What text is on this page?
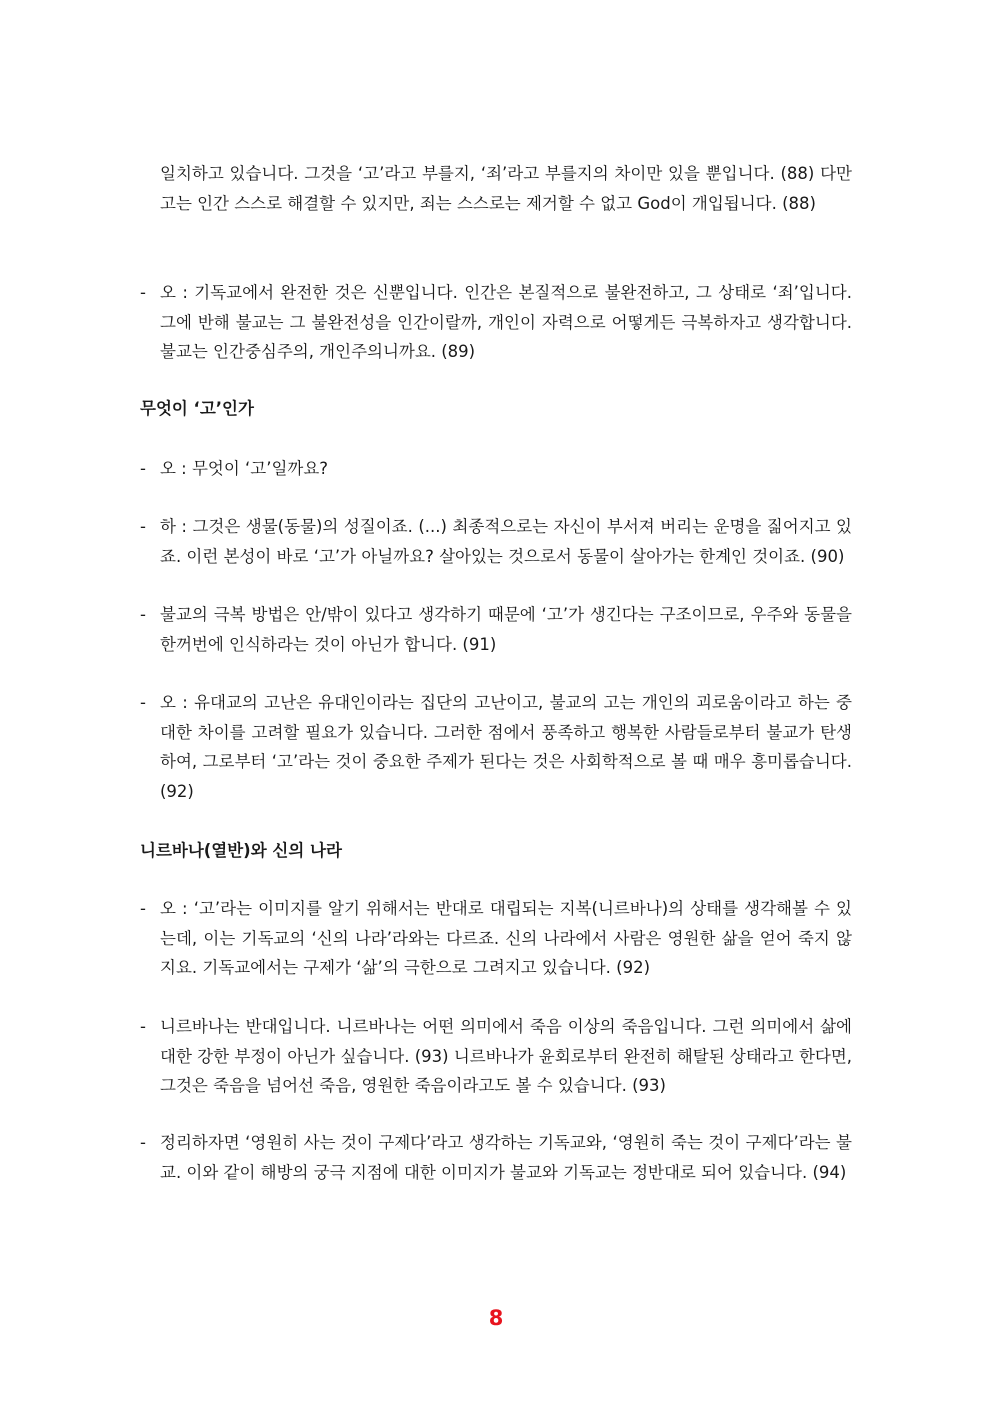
일치하고 있습니다. 그것을 ‘고’라고 부를지, ‘죄’라고 부를지의 차이만 있을 뿐입니다. (88) 다만 고는 인간 스스로 해결할 수 있지만, 죄는 스스로는 제거할 수 없고 God이 개입됩니다. (88)

- 오 : 기독교에서 완전한 것은 신뿐입니다. 인간은 본질적으로 불완전하고, 그 상태로 ‘죄’입니다. 그에 반해 불교는 그 불완전성을 인간이랄까, 개인이 자력으로 어떻게든 극복하자고 생각합니다. 불교는 인간중심주의, 개인주의니까요. (89)
무엇이 ‘고’인가
- 오 : 무엇이 ‘고’일까요?
- 하 : 그것은 생물(동물)의 성질이죠. (...) 최종적으로는 자신이 부서져 버리는 운명을 짊어지고 있죠. 이런 본성이 바로 ‘고’가 아닐까요? 살아있는 것으로서 동물이 살아가는 한계인 것이죠. (90)
- 불교의 극복 방법은 안/밖이 있다고 생각하기 때문에 ‘고’가 생긴다는 구조이므로, 우주와 동물을 한꺼번에 인식하라는 것이 아닌가 합니다. (91)
- 오 : 유대교의 고난은 유대인이라는 집단의 고난이고, 불교의 고는 개인의 괴로움이라고 하는 중대한 차이를 고려할 필요가 있습니다. 그러한 점에서 풍족하고 행복한 사람들로부터 불교가 탄생하여, 그로부터 ‘고’라는 것이 중요한 주제가 된다는 것은 사회학적으로 볼 때 매우 흥미롭습니다. (92)
니르바나(열반)와 신의 나라
- 오 : ‘고’라는 이미지를 알기 위해서는 반대로 대립되는 지복(니르바나)의 상태를 생각해볼 수 있는데, 이는 기독교의 ‘신의 나라’라와는 다르죠. 신의 나라에서 사람은 영원한 삶을 얻어 죽지 않지요. 기독교에서는 구제가 ‘삶’의 극한으로 그려지고 있습니다. (92)
- 니르바나는 반대입니다. 니르바나는 어떤 의미에서 죽음 이상의 죽음입니다. 그런 의미에서 삶에 대한 강한 부정이 아닌가 싶습니다. (93) 니르바나가 윤회로부터 완전히 해탈된 상태라고 한다면, 그것은 죽음을 넘어선 죽음, 영원한 죽음이라고도 볼 수 있습니다. (93)
- 정리하자면 ‘영원히 사는 것이 구제다’라고 생각하는 기독교와, ‘영원히 죽는 것이 구제다’라는 불교. 이와 같이 해방의 궁극 지점에 대한 이미지가 불교와 기독교는 정반대로 되어 있습니다. (94)
8
